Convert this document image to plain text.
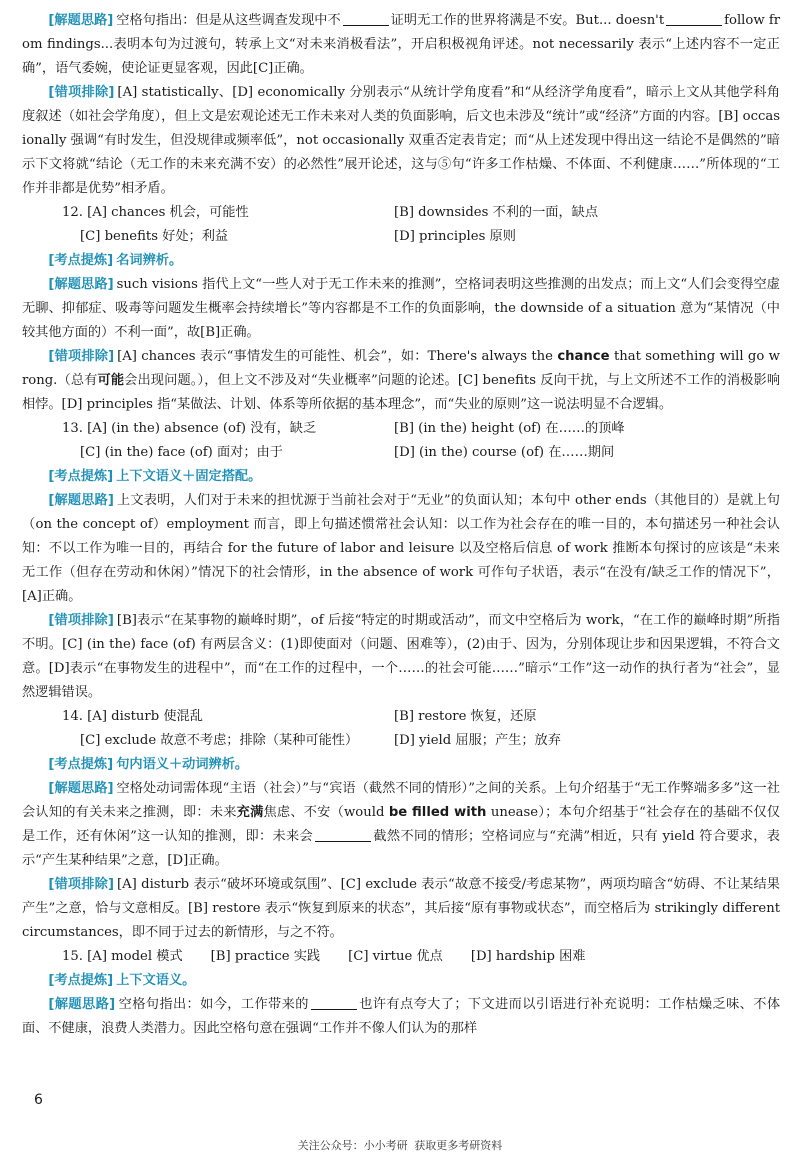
[解题思路] 空格句指出：但是从这些调查发现中不	证明无工作的世界将满是不安。But... doesn't	follow from findings...表明本句为过渡句，转承上文“对未来消极看法”，开启积极视角评述。not necessarily 表示“上述内容不一定正确”，语气委婉，使论证更显客观，因此[C]正确。

[错项排除] [A] statistically、[D] economically 分别表示“从统计学角度看”和“从经济学角度看”，暗示上文从其他学科角度叙述（如社会学角度），但上文是宏观论述无工作未来对人类的负面影响，后文也未涉及“统计”或“经济”方面的内容。[B] occasionally 强调“有时发生，但没规律或频率低”，not occasionally 双重否定表肯定；而“从上述发现中得出这一结论不是偶然的”暗示下文将就“结论（无工作的未来充满不安）的必然性”展开论述，这与⑤句“许多工作枯燥、不体面、不利健康……”所体现的“工作并非都是优势”相矛盾。

12. [A] chances 机会，可能性	[B] downsides 不利的一面，缺点
[C] benefits 好处；利益	[D] principles 原则

[考点提炼] 名词辨析。

[解题思路] such visions 指代上文“一些人对于无工作未来的推测”，空格词表明这些推测的出发点；而上文“人们会变得空虚无聊、抑郁症、吸毒等问题发生概率会持续增长”等内容都是不工作的负面影响，the downside of a situation 意为“某情况（中较其他方面的）不利一面”，故[B]正确。

[错项排除] [A] chances 表示“事情发生的可能性、机会”，如：There's always the chance that something will go wrong.（总有可能会出现问题。），但上文不涉及对“失业概率”问题的论述。[C] benefits 反向干扰，与上文所述不工作的消极影响相悖。[D] principles 指“某做法、计划、体系等所依据的基本理念”，而“失业的原则”这一说法明显不合逻辑。

13. [A] (in the) absence (of) 没有，缺乏	[B] (in the) height (of) 在……的顶峰
[C] (in the) face (of) 面对；由于	[D] (in the) course (of) 在……期间

[考点提炼] 上下文语义＋固定搭配。

[解题思路] 上文表明，人们对于未来的担忧源于当前社会对于“无业”的负面认知；本句中 other ends（其他目的）是就上句（on the concept of）employment 而言，即上句描述惯常社会认知：以工作为社会存在的唯一目的，本句描述另一种社会认知：不以工作为唯一目的，再结合 for the future of labor and leisure 以及空格后信息 of work 推断本句探讨的应该是“未来无工作（但存在劳动和休闲）”情况下的社会情形，in the absence of work 可作句子状语，表示“在没有/缺乏工作的情况下”，[A]正确。

[错项排除] [B]表示“在某事物的巅峰时期”，of 后接“特定的时期或活动”，而文中空格后为 work，“在工作的巅峰时期”所指不明。[C] (in the) face (of) 有两层含义：(1)即使面对（问题、困难等），(2)由于、因为，分别体现让步和因果逻辑，不符合文意。[D]表示“在事物发生的进程中”，而“在工作的过程中，一个……的社会可能……”暗示“工作”这一动作的执行者为“社会”，显然逻辑错误。

14. [A] disturb 使混乱	[B] restore 恢复，还原
[C] exclude 故意不考虑；排除（某种可能性）	[D] yield 屈服；产生；放弃

[考点提炼] 句内语义＋动词辨析。

[解题思路] 空格处动词需体现“主语（社会）”与“宾语（截然不同的情形）”之间的关系。上句介绍基于“无工作弊端多多”这一社会认知的有关未来之推测，即：未来充满焦虑、不安（would be filled with unease）；本句介绍基于“社会存在的基础不仅仅是工作，还有休闲”这一认知的推测，即：未来会	截然不同的情形；空格词应与“充满”相近，只有 yield 符合要求，表示“产生某种结果”之意，[D]正确。

[错项排除] [A] disturb 表示“破坏环境或氛围”、[C] exclude 表示“故意不接受/考虑某物”，两项均暗含“妨碍、不让某结果产生”之意，恰与文意相反。[B] restore 表示“恢复到原来的状态”，其后接“原有事物或状态”，而空格后为 strikingly different circumstances，即不同于过去的新情形，与之不符。

15. [A] model 模式 [B] practice 实践 [C] virtue 优点 [D] hardship 困难

[考点提炼] 上下文语义。

[解题思路] 空格句指出：如今，工作带来的	也许有点夸大了；下文进而以引语进行补充说明：工作枯燥乏味、不体面、不健康，浪费人类潜力。因此空格句意在强调“工作并不像人们认为的那样

6
关注公众号：小小考研 获取更多考研资料
